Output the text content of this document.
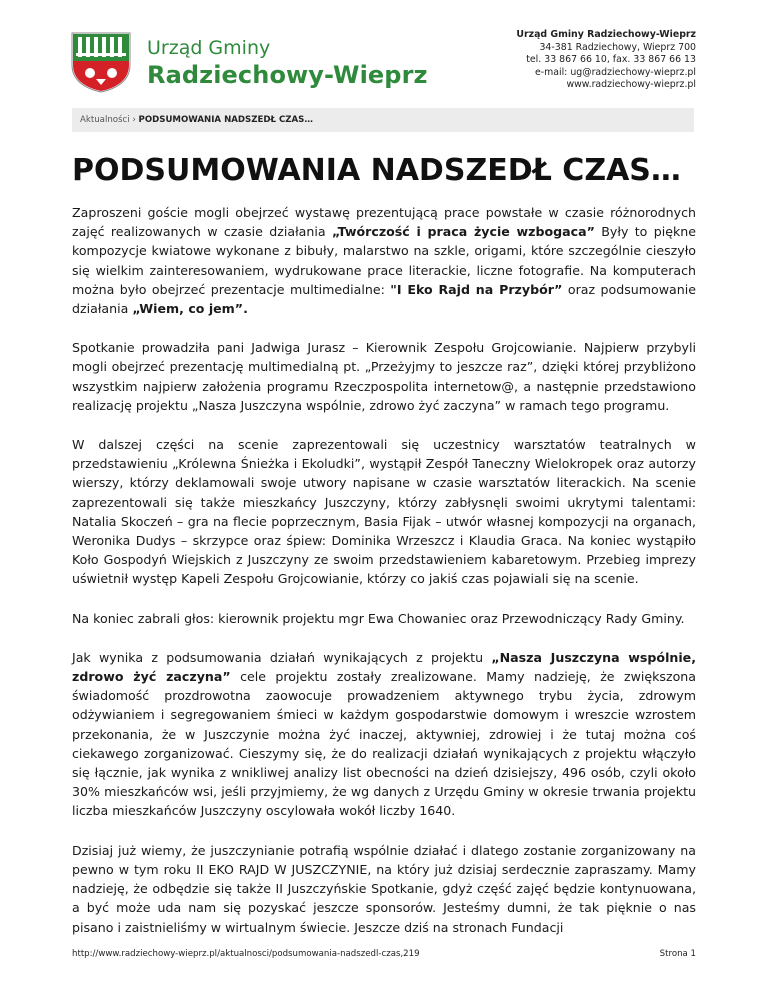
Urząd Gminy
Radziechowy-Wieprz
Urząd Gminy Radziechowy-Wieprz
34-381 Radziechowy, Wieprz 700
tel. 33 867 66 10, fax. 33 867 66 13
e-mail: ug@radziechowy-wieprz.pl
www.radziechowy-wieprz.pl
Aktualności › PODSUMOWANIA NADSZEDŁ CZAS…
PODSUMOWANIA NADSZEDŁ CZAS…

Zaproszeni goście mogli obejrzeć wystawę prezentującą prace powstałe w czasie różnorodnych zajęć realizowanych w czasie działania „Twórczość i praca życie wzbogaca” Były to piękne kompozycje kwiatowe wykonane z bibuły, malarstwo na szkle, origami, które szczególnie cieszyło się wielkim zainteresowaniem, wydrukowane prace literackie, liczne fotografie. Na komputerach można było obejrzeć prezentacje multimedialne: "I Eko Rajd na Przybór” oraz podsumowanie działania „Wiem, co jem”.

Spotkanie prowadziła pani Jadwiga Jurasz – Kierownik Zespołu Grojcowianie. Najpierw przybyli mogli obejrzeć prezentację multimedialną pt. „Przeżyjmy to jeszcze raz”, dzięki której przybliżono wszystkim najpierw założenia programu Rzeczpospolita internetow@, a następnie przedstawiono realizację projektu „Nasza Juszczyna wspólnie, zdrowo żyć zaczyna” w ramach tego programu.

W dalszej części na scenie zaprezentowali się uczestnicy warsztatów teatralnych w przedstawieniu „Królewna Śnieżka i Ekoludki”, wystąpił Zespół Taneczny Wielokropek oraz autorzy wierszy, którzy deklamowali swoje utwory napisane w czasie warsztatów literackich. Na scenie zaprezentowali się także mieszkańcy Juszczyny, którzy zabłysnęli swoimi ukrytymi talentami: Natalia Skoczeń – gra na flecie poprzecznym, Basia Fijak – utwór własnej kompozycji na organach, Weronika Dudys – skrzypce oraz śpiew: Dominika Wrzeszcz i Klaudia Graca. Na koniec wystąpiło Koło Gospodyń Wiejskich z Juszczyny ze swoim przedstawieniem kabaretowym. Przebieg imprezy uświetnił występ Kapeli Zespołu Grojcowianie, którzy co jakiś czas pojawiali się na scenie.

Na koniec zabrali głos: kierownik projektu mgr Ewa Chowaniec oraz Przewodniczący Rady Gminy.

Jak wynika z podsumowania działań wynikających z projektu „Nasza Juszczyna wspólnie, zdrowo żyć zaczyna” cele projektu zostały zrealizowane. Mamy nadzieję, że zwiększona świadomość prozdrowotna zaowocuje prowadzeniem aktywnego trybu życia, zdrowym odżywianiem i segregowaniem śmieci w każdym gospodarstwie domowym i wreszcie wzrostem przekonania, że w Juszczynie można żyć inaczej, aktywniej, zdrowiej i że tutaj można coś ciekawego zorganizować. Cieszymy się, że do realizacji działań wynikających z projektu włączyło się łącznie, jak wynika z wnikliwej analizy list obecności na dzień dzisiejszy, 496 osób, czyli około 30% mieszkańców wsi, jeśli przyjmiemy, że wg danych z Urzędu Gminy w okresie trwania projektu liczba mieszkańców Juszczyny oscylowała wokół liczby 1640.

Dzisiaj już wiemy, że juszczynianie potrafią wspólnie działać i dlatego zostanie zorganizowany na pewno w tym roku II EKO RAJD W JUSZCZYNIE, na który już dzisiaj serdecznie zapraszamy. Mamy nadzieję, że odbędzie się także II Juszczyńskie Spotkanie, gdyż część zajęć będzie kontynuowana, a być może uda nam się pozyskać jeszcze sponsorów. Jesteśmy dumni, że tak pięknie o nas pisano i zaistnieliśmy w wirtualnym świecie. Jeszcze dziś na stronach Fundacji

http://www.radziechowy-wieprz.pl/aktualnosci/podsumowania-nadszedl-czas,219	Strona 1
